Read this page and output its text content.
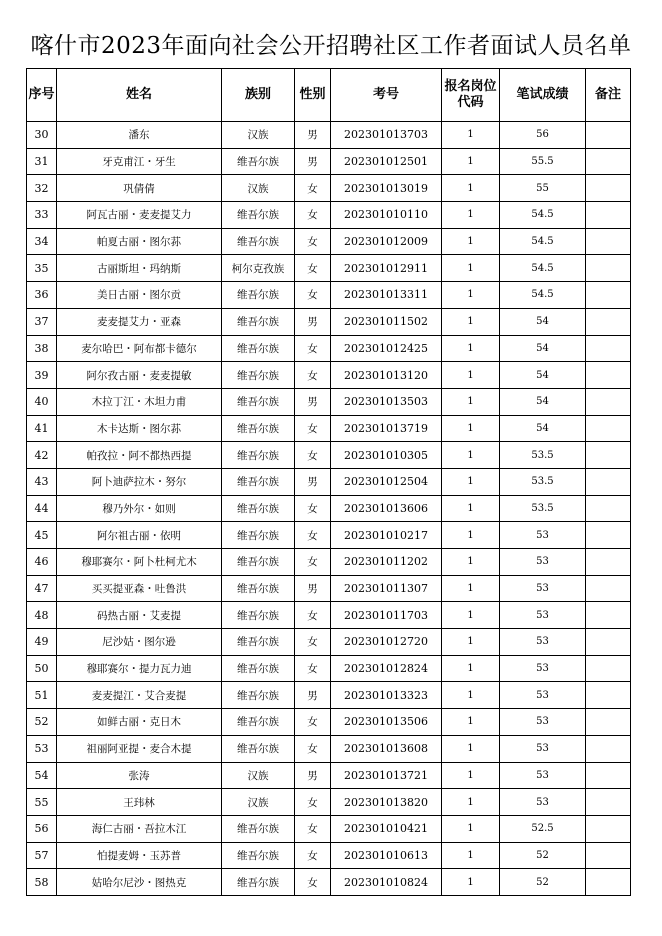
喀什市2023年面向社会公开招聘社区工作者面试人员名单
序号	姓名	族别	性别	考号	报名岗位代码	笔试成绩	备注
30	潘东	汉族	男	202301013703	1	56	
31	牙克甫江・牙生	维吾尔族	男	202301012501	1	55.5	
32	巩倩倩	汉族	女	202301013019	1	55	
33	阿瓦古丽・麦麦提艾力	维吾尔族	女	202301010110	1	54.5	
34	帕夏古丽・图尔荪	维吾尔族	女	202301012009	1	54.5	
35	古丽斯坦・玛纳斯	柯尔克孜族	女	202301012911	1	54.5	
36	美日古丽・图尔贡	维吾尔族	女	202301013311	1	54.5	
37	麦麦提艾力・亚森	维吾尔族	男	202301011502	1	54	
38	麦尔哈巴・阿布都卡德尔	维吾尔族	女	202301012425	1	54	
39	阿尔孜古丽・麦麦提敏	维吾尔族	女	202301013120	1	54	
40	木拉丁江・木坦力甫	维吾尔族	男	202301013503	1	54	
41	木卡达斯・图尔荪	维吾尔族	女	202301013719	1	54	
42	帕孜拉・阿不都热西提	维吾尔族	女	202301010305	1	53.5	
43	阿卜迪萨拉木・努尔	维吾尔族	男	202301012504	1	53.5	
44	穆乃外尔・如则	维吾尔族	女	202301013606	1	53.5	
45	阿尔祖古丽・依明	维吾尔族	女	202301010217	1	53	
46	穆耶赛尔・阿卜杜柯尤木	维吾尔族	女	202301011202	1	53	
47	买买提亚森・吐鲁洪	维吾尔族	男	202301011307	1	53	
48	码热古丽・艾麦提	维吾尔族	女	202301011703	1	53	
49	尼沙姑・图尔逊	维吾尔族	女	202301012720	1	53	
50	穆耶赛尔・提力瓦力迪	维吾尔族	女	202301012824	1	53	
51	麦麦提江・艾合麦提	维吾尔族	男	202301013323	1	53	
52	如鲜古丽・克日木	维吾尔族	女	202301013506	1	53	
53	祖丽阿亚提・麦合木提	维吾尔族	女	202301013608	1	53	
54	张涛	汉族	男	202301013721	1	53	
55	王玮林	汉族	女	202301013820	1	53	
56	海仁古丽・吾拉木江	维吾尔族	女	202301010421	1	52.5	
57	怕提麦姆・玉苏普	维吾尔族	女	202301010613	1	52	
58	姑哈尔尼沙・图热克	维吾尔族	女	202301010824	1	52	
